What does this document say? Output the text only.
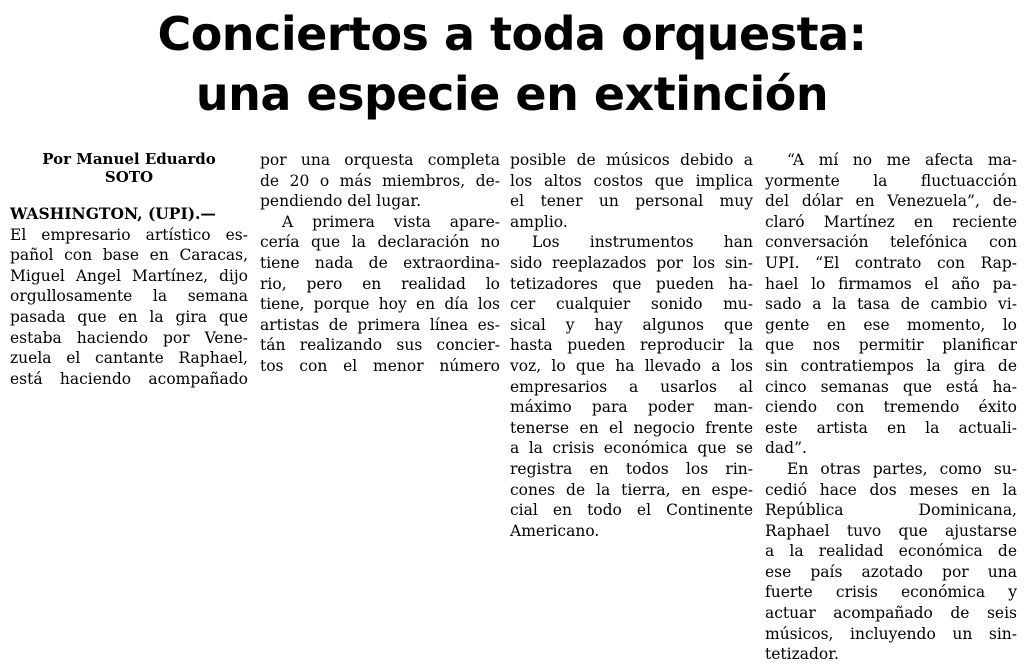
Conciertos a toda orquesta:
una especie en extinción
Por Manuel Eduardo
SOTO

WASHINGTON, (UPI).—
El empresario artístico es-
pañol con base en Caracas,
Miguel Angel Martínez, dijo
orgullosamente la semana
pasada que en la gira que
estaba haciendo por Vene-
zuela el cantante Raphael,
está haciendo acompañado

por una orquesta completa
de 20 o más miembros, de-
pendiendo del lugar.

A primera vista apare-
cería que la declaración no
tiene nada de extraordina-
rio, pero en realidad lo
tiene, porque hoy en día los
artistas de primera línea es-
tán realizando sus concier-
tos con el menor número

posible de músicos debido a
los altos costos que implica
el tener un personal muy
amplio.

Los instrumentos han
sido reeplazados por los sin-
tetizadores que pueden ha-
cer cualquier sonido mu-
sical y hay algunos que
hasta pueden reproducir la
voz, lo que ha llevado a los
empresarios a usarlos al
máximo para poder man-
tenerse en el negocio frente
a la crisis económica que se
registra en todos los rin-
cones de la tierra, en espe-
cial en todo el Continente
Americano.

“A mí no me afecta ma-
yormente la fluctuacción
del dólar en Venezuela”, de-
claró Martínez en reciente
conversación telefónica con
UPI. “El contrato con Rap-
hael lo firmamos el año pa-
sado a la tasa de cambio vi-
gente en ese momento, lo
que nos permitir planificar
sin contratiempos la gira de
cinco semanas que está ha-
ciendo con tremendo éxito
este artista en la actuali-
dad”.

En otras partes, como su-
cedió hace dos meses en la
República Dominicana,
Raphael tuvo que ajustarse
a la realidad económica de
ese país azotado por una
fuerte crisis económica y
actuar acompañado de seis
músicos, incluyendo un sin-
tetizador.
